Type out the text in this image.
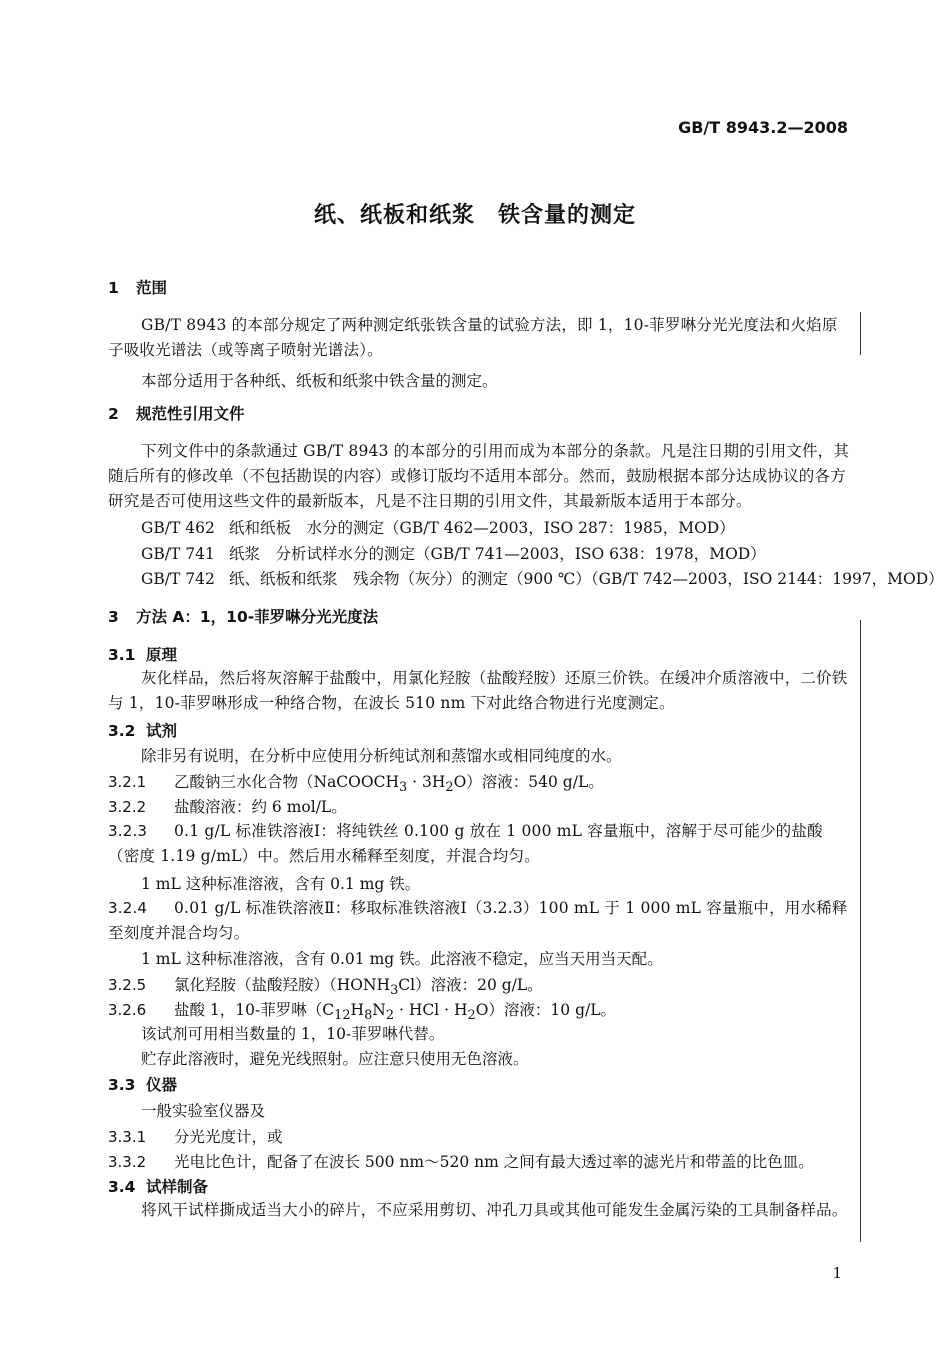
GB/T 8943.2—2008
纸、纸板和纸浆　铁含量的测定
1 范围
GB/T 8943 的本部分规定了两种测定纸张铁含量的试验方法，即 1，10-菲罗啉分光光度法和火焰原子吸收光谱法（或等离子喷射光谱法）。
本部分适用于各种纸、纸板和纸浆中铁含量的测定。
2 规范性引用文件
下列文件中的条款通过 GB/T 8943 的本部分的引用而成为本部分的条款。凡是注日期的引用文件，其随后所有的修改单（不包括勘误的内容）或修订版均不适用本部分。然而，鼓励根据本部分达成协议的各方研究是否可使用这些文件的最新版本，凡是不注日期的引用文件，其最新版本适用于本部分。
GB/T 462 纸和纸板　水分的测定（GB/T 462—2003，ISO 287：1985，MOD）
GB/T 741 纸浆　分析试样水分的测定（GB/T 741—2003，ISO 638：1978，MOD）
GB/T 742 纸、纸板和纸浆　残余物（灰分）的测定（900 ℃）（GB/T 742—2003，ISO 2144：1997，MOD）
3 方法 A：1，10-菲罗啉分光光度法
3.1 原理
灰化样品，然后将灰溶解于盐酸中，用氯化羟胺（盐酸羟胺）还原三价铁。在缓冲介质溶液中，二价铁与 1，10-菲罗啉形成一种络合物，在波长 510 nm 下对此络合物进行光度测定。
3.2 试剂
除非另有说明，在分析中应使用分析纯试剂和蒸馏水或相同纯度的水。
3.2.1 乙酸钠三水化合物（NaCOOCH$_3$ · $3H_2O$）溶液：540 g/L。
3.2.2 盐酸溶液：约 6 mol/L。
3.2.3 0.1 g/L 标准铁溶液Ⅰ：将纯铁丝 0.100 g 放在 1 000 mL 容量瓶中，溶解于尽可能少的盐酸（密度 1.19 g/mL）中。然后用水稀释至刻度，并混合均匀。
1 mL 这种标准溶液，含有 0.1 mg 铁。
3.2.4 0.01 g/L 标准铁溶液Ⅱ：移取标准铁溶液Ⅰ（3.2.3）100 mL 于 1 000 mL 容量瓶中，用水稀释至刻度并混合均匀。
1 mL 这种标准溶液，含有 0.01 mg 铁。此溶液不稳定，应当天用当天配。
3.2.5 氯化羟胺（盐酸羟胺）$(HONH_3Cl)$溶液：20 g/L。
3.2.6 盐酸 1，10-菲罗啉（$C_{12}H_8N_2$ · HCl · $H_2O$）溶液：10 g/L。
该试剂可用相当数量的 1，10-菲罗啉代替。
贮存此溶液时，避免光线照射。应注意只使用无色溶液。
3.3 仪器
一般实验室仪器及
3.3.1 分光光度计，或
3.3.2 光电比色计，配备了在波长 500 nm～520 nm 之间有最大透过率的滤光片和带盖的比色皿。
3.4 试样制备
将风干试样撕成适当大小的碎片，不应采用剪切、冲孔刀具或其他可能发生金属污染的工具制备样品。
1
